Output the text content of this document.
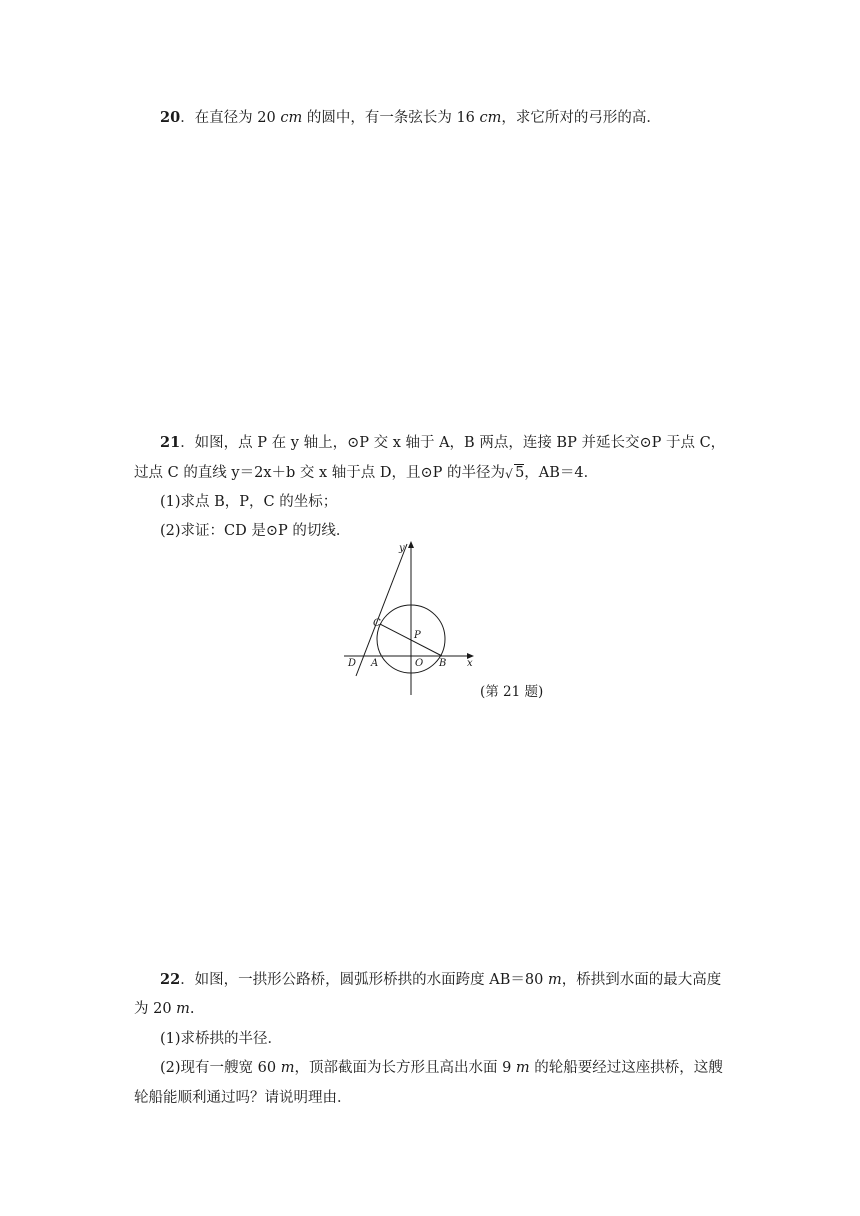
20．在直径为 20 cm 的圆中，有一条弦长为 16 cm，求它所对的弓形的高．
21．如图，点 P 在 y 轴上，⊙P 交 x 轴于 A，B 两点，连接 BP 并延长交⊙P 于点 C，
过点 C 的直线 y＝2x＋b 交 x 轴于点 D，且⊙P 的半径为 √ 5，AB＝4．
(1)求点 B，P，C 的坐标；
(2)求证：CD 是⊙P 的切线．
y
x
C
P
D A	O B
(第 21 题)
22．如图，一拱形公路桥，圆弧形桥拱的水面跨度 AB＝80 m，桥拱到水面的最大高度
为 20 m.
(1)求桥拱的半径．
(2)现有一艘宽 60 m，顶部截面为长方形且高出水面 9 m 的轮船要经过这座拱桥，这艘
轮船能顺利通过吗？请说明理由．
